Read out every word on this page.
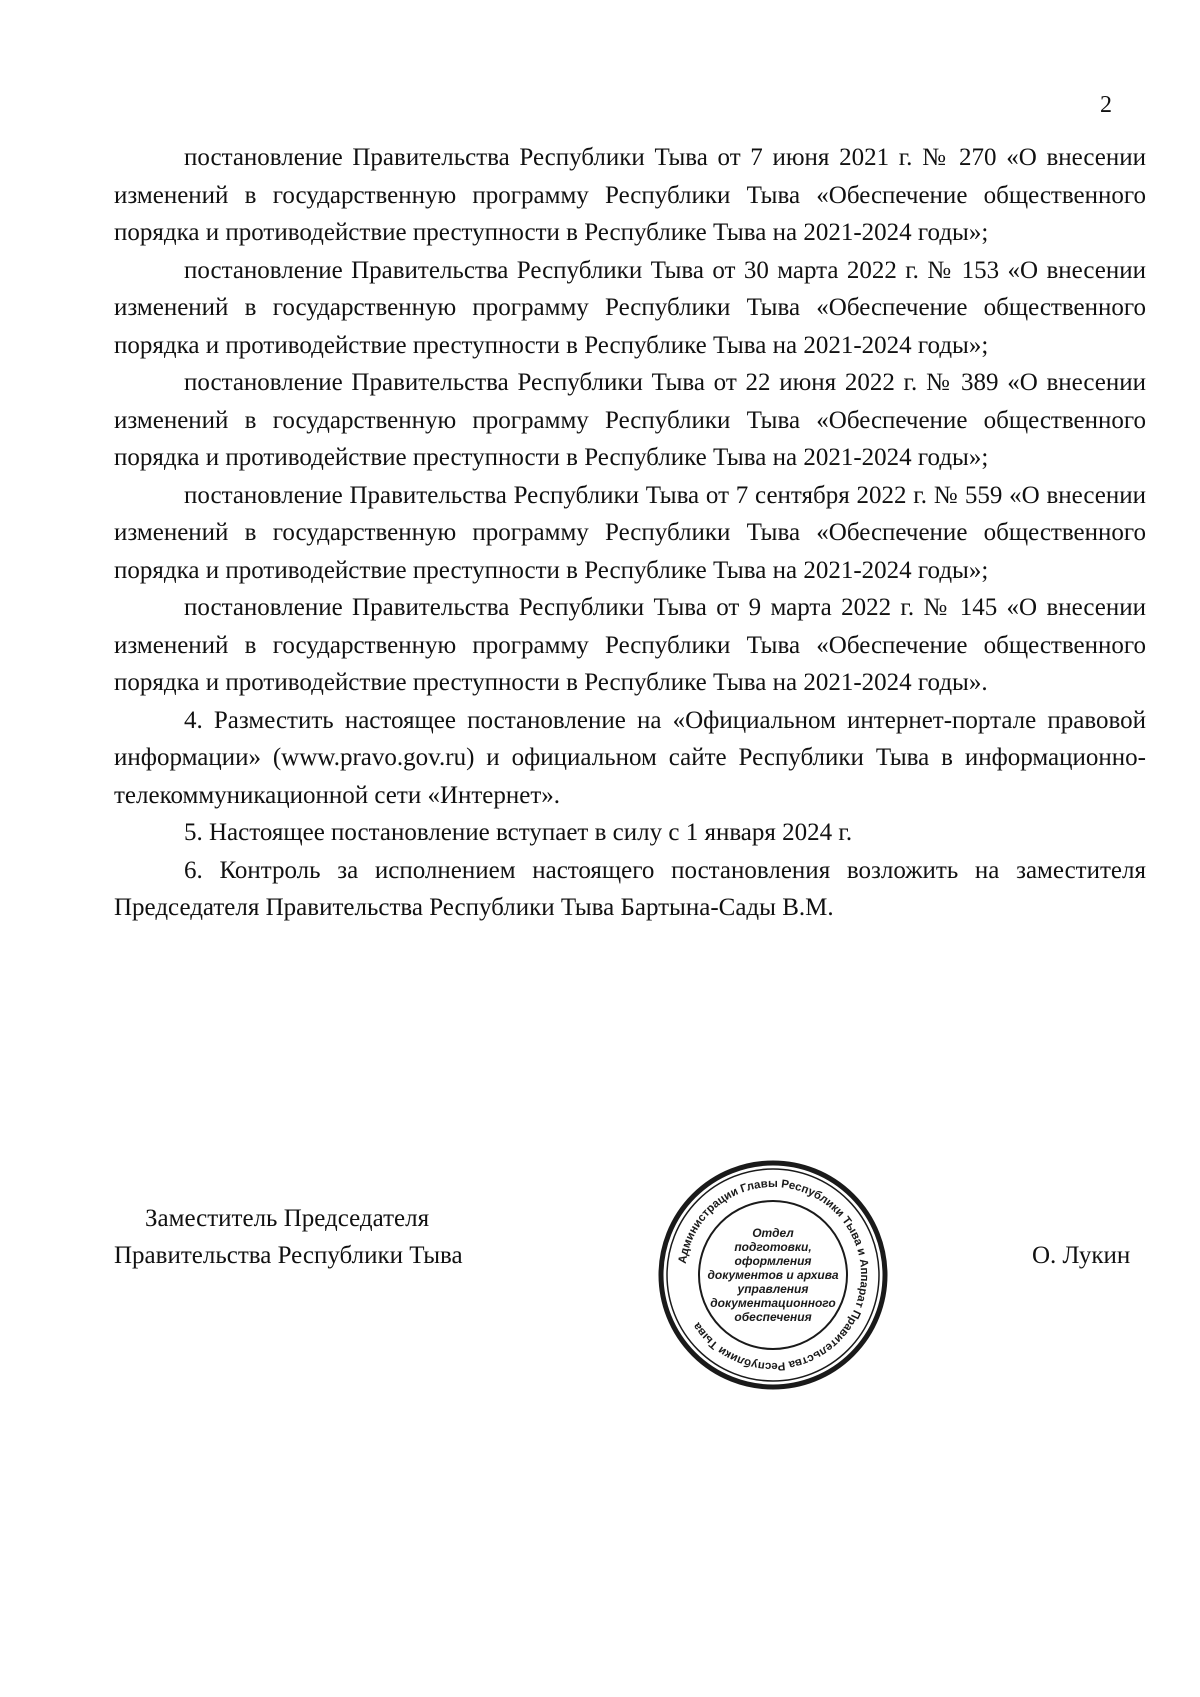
2

постановление Правительства Республики Тыва от 7 июня 2021 г. № 270 «О внесении изменений в государственную программу Республики Тыва «Обеспечение общественного порядка и противодействие преступности в Республике Тыва на 2021-2024 годы»;

постановление Правительства Республики Тыва от 30 марта 2022 г. № 153 «О внесении изменений в государственную программу Республики Тыва «Обеспечение общественного порядка и противодействие преступности в Республике Тыва на 2021-2024 годы»;

постановление Правительства Республики Тыва от 22 июня 2022 г. № 389 «О внесении изменений в государственную программу Республики Тыва «Обеспечение общественного порядка и противодействие преступности в Республике Тыва на 2021-2024 годы»;

постановление Правительства Республики Тыва от 7 сентября 2022 г. № 559 «О внесении изменений в государственную программу Республики Тыва «Обеспечение общественного порядка и противодействие преступности в Республике Тыва на 2021-2024 годы»;

постановление Правительства Республики Тыва от 9 марта 2022 г. № 145 «О внесении изменений в государственную программу Республики Тыва «Обеспечение общественного порядка и противодействие преступности в Республике Тыва на 2021-2024 годы».

4. Разместить настоящее постановление на «Официальном интернет-портале правовой информации» (www.pravo.gov.ru) и официальном сайте Республики Тыва в информационно-телекоммуникационной сети «Интернет».

5. Настоящее постановление вступает в силу с 1 января 2024 г.

6. Контроль за исполнением настоящего постановления возложить на заместителя Председателя Правительства Республики Тыва Бартына-Сады В.М.

Заместитель Председателя
Правительства Республики Тыва	Администрации Главы Республики Тыва и Аппарат Правительства Республики Тыва
Отдел
подготовки,
оформления
документов и архива
управления
документационного
обеспечения
О. Лукин
